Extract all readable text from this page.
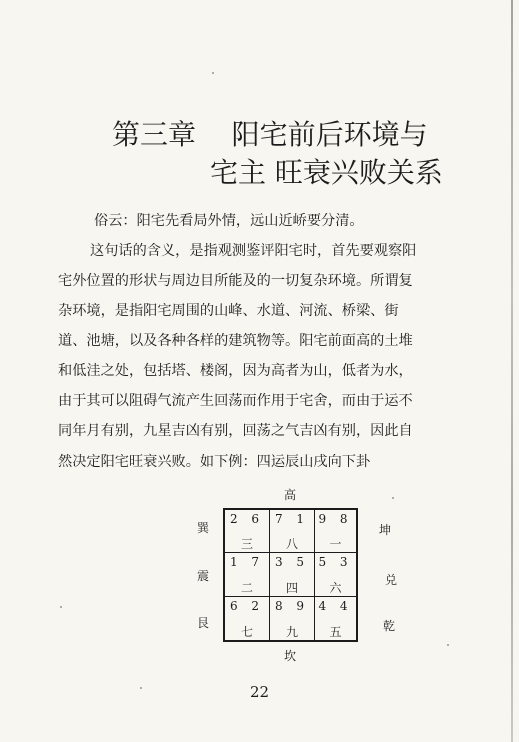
第三章    阳宅前后环境与
宅主 旺衰兴败关系
俗云：阳宅先看局外情，远山近峤要分清。
这句话的含义，是指观测鉴评阳宅时，首先要观察阳
宅外位置的形状与周边目所能及的一切复杂环境。所谓复
杂环境，是指阳宅周围的山峰、水道、河流、桥梁、街
道、池塘，以及各种各样的建筑物等。阳宅前面高的土堆
和低洼之处，包括塔、楼阁，因为高者为山，低者为水，
由于其可以阻碍气流产生回荡而作用于宅舍，而由于运不
同年月有别，九星吉凶有别，回荡之气吉凶有别，因此自
然决定阳宅旺衰兴败。如下例：四运辰山戌向下卦
高
坎
巽
震
艮
坤
兑
乾
2 6
三
7 1
八
9 8
一
1 7
二
3 5
四
5 3
六
6 2
七
8 9
九
4 4
五
22
